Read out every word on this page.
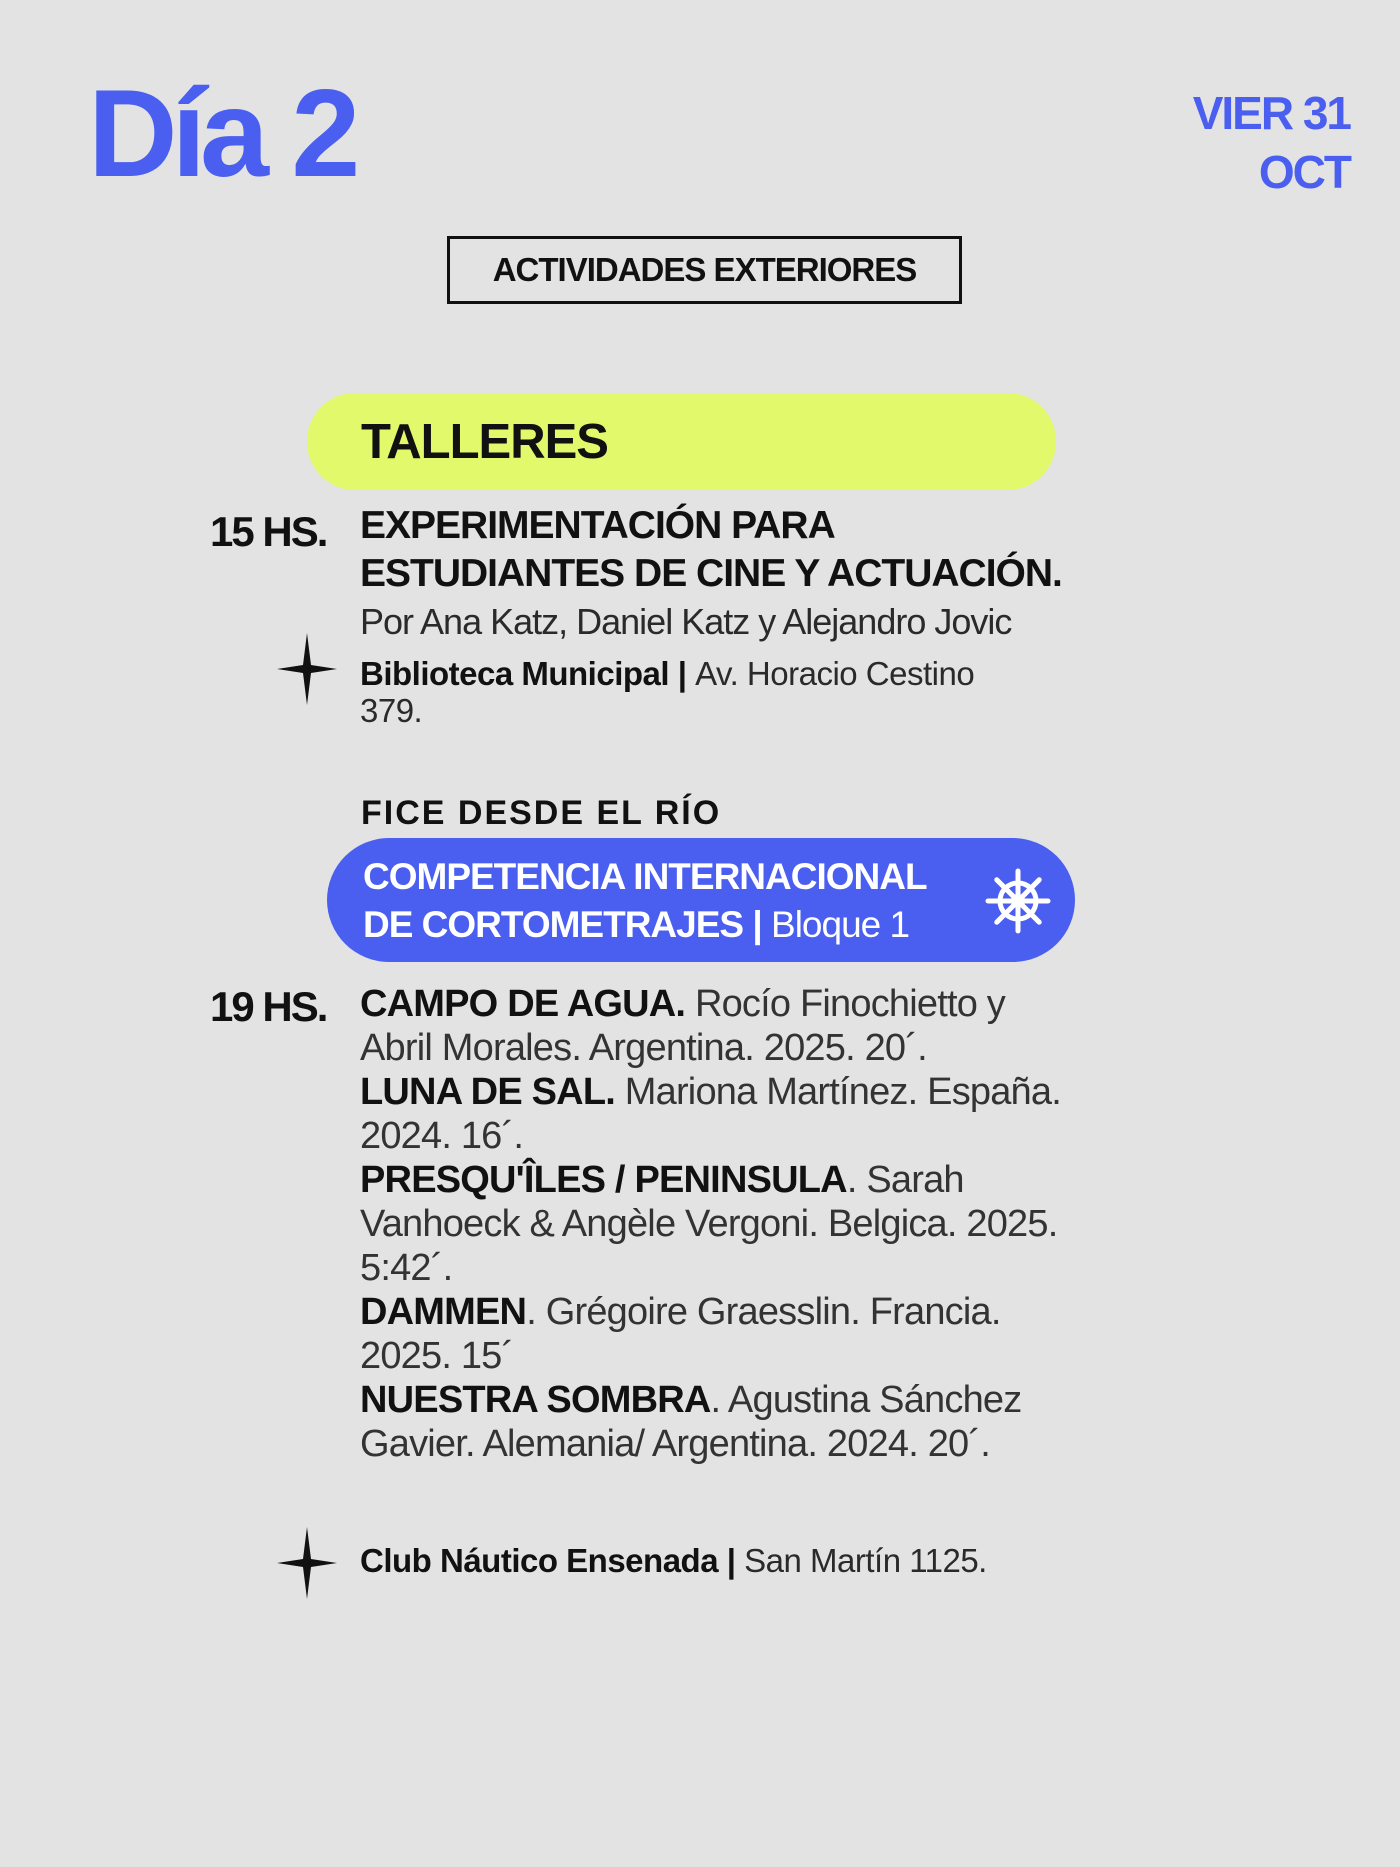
Día 2	VIER 31
OCT
ACTIVIDADES EXTERIORES
TALLERES
15 HS. EXPERIMENTACIÓN PARA
ESTUDIANTES DE CINE Y ACTUACIÓN.
Por Ana Katz, Daniel Katz y Alejandro Jovic
Biblioteca Municipal | Av. Horacio Cestino
379.
FICE DESDE EL RÍO
COMPETENCIA INTERNACIONAL
DE CORTOMETRAJES | Bloque 1
19 HS. CAMPO DE AGUA. Rocío Finochietto y Abril Morales. Argentina. 2025. 20´.

LUNA DE SAL. Mariona Martínez. España. 2024. 16´.

PRESQU'ÎLES / PENINSULA. Sarah Vanhoeck & Angèle Vergoni. Belgica. 2025. 5:42´.

DAMMEN. Grégoire Graesslin. Francia. 2025. 15´

NUESTRA SOMBRA. Agustina Sánchez Gavier. Alemania/ Argentina. 2024. 20´.

Club Náutico Ensenada | San Martín 1125.
